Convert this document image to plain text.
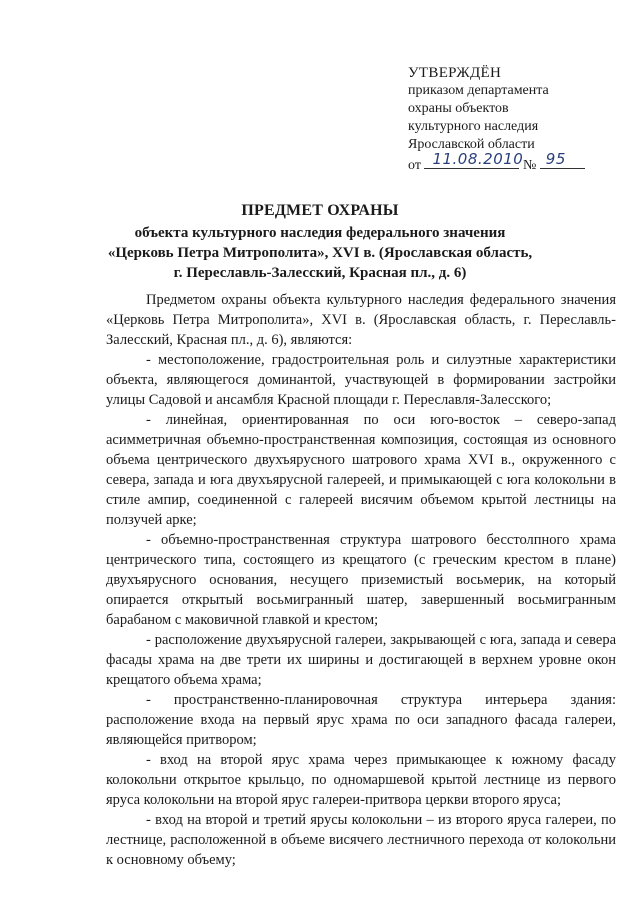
УТВЕРЖДЁН
приказом департамента
охраны объектов
культурного наследия
Ярославской области
от 11.08.2010 № 95
ПРЕДМЕТ ОХРАНЫ
объекта культурного наследия федерального значения
«Церковь Петра Митрополита», XVI в. (Ярославская область,
г. Переславль-Залесский, Красная пл., д. 6)

Предметом охраны объекта культурного наследия федерального значения «Церковь Петра Митрополита», XVI в. (Ярославская область, г. Переславль-Залесский, Красная пл., д. 6), являются:

- местоположение, градостроительная роль и силуэтные характеристики объекта, являющегося доминантой, участвующей в формировании застройки улицы Садовой и ансамбля Красной площади г. Переславля-Залесского;

- линейная, ориентированная по оси юго-восток – северо-запад асимметричная объемно-пространственная композиция, состоящая из основного объема центрического двухъярусного шатрового храма XVI в., окруженного с севера, запада и юга двухъярусной галереей, и примыкающей с юга колокольни в стиле ампир, соединенной с галереей висячим объемом крытой лестницы на ползучей арке;

- объемно-пространственная структура шатрового бесстолпного храма центрического типа, состоящего из крещатого (с греческим крестом в плане) двухъярусного основания, несущего приземистый восьмерик, на который опирается открытый восьмигранный шатер, завершенный восьмигранным барабаном с маковичной главкой и крестом;

- расположение двухъярусной галереи, закрывающей с юга, запада и севера фасады храма на две трети их ширины и достигающей в верхнем уровне окон крещатого объема храма;

- пространственно-планировочная структура интерьера здания: расположение входа на первый ярус храма по оси западного фасада галереи, являющейся притвором;

- вход на второй ярус храма через примыкающее к южному фасаду колокольни открытое крыльцо, по одномаршевой крытой лестнице из первого яруса колокольни на второй ярус галереи-притвора церкви второго яруса;

- вход на второй и третий ярусы колокольни – из второго яруса галереи, по лестнице, расположенной в объеме висячего лестничного перехода от колокольни к основному объему;
